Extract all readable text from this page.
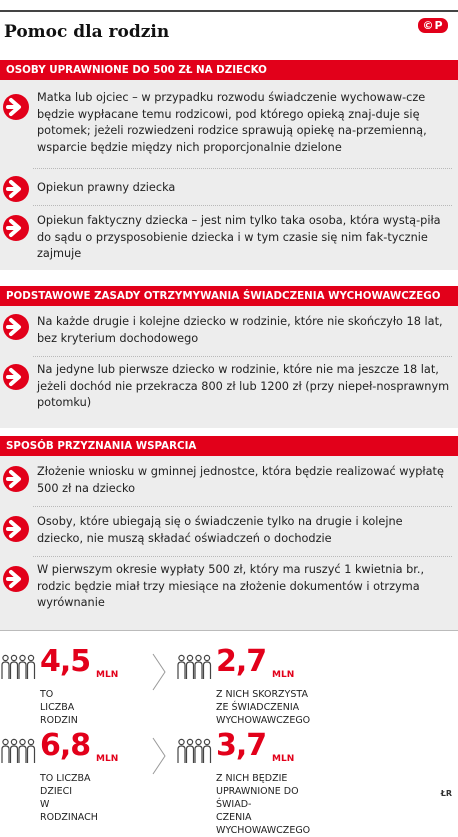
©P
Pomoc dla rodzin
OSOBY UPRAWNIONE DO 500 ZŁ NA DZIECKO
Matka lub ojciec – w przypadku rozwodu świadczenie wychowaw-cze będzie wypłacane temu rodzicowi, pod którego opieką znaj-duje się potomek; jeżeli rozwiedzeni rodzice sprawują opiekę na-przemienną, wsparcie będzie między nich proporcjonalnie dzielone
Opiekun prawny dziecka
Opiekun faktyczny dziecka – jest nim tylko taka osoba, która wystą-piła do sądu o przysposobienie dziecka i w tym czasie się nim fak-tycznie zajmuje
PODSTAWOWE ZASADY OTRZYMYWANIA ŚWIADCZENIA WYCHOWAWCZEGO
Na każde drugie i kolejne dziecko w rodzinie, które nie skończyło 18 lat, bez kryterium dochodowego
Na jedyne lub pierwsze dziecko w rodzinie, które nie ma jeszcze 18 lat, jeżeli dochód nie przekracza 800 zł lub 1200 zł (przy niepeł-nosprawnym potomku)
SPOSÓB PRZYZNANIA WSPARCIA
Złożenie wniosku w gminnej jednostce, która będzie realizować wypłatę 500 zł na dziecko
Osoby, które ubiegają się o świadczenie tylko na drugie i kolejne dziecko, nie muszą składać oświadczeń o dochodzie
W pierwszym okresie wypłaty 500 zł, który ma ruszyć 1 kwietnia br., rodzic będzie miał trzy miesiące na złożenie dokumentów i otrzyma wyrównanie
4,5 MLN
TO LICZBA
RODZIN
2,7 MLN
Z NICH SKORZYSTA ZE ŚWIADCZENIA
WYCHOWAWCZEGO
6,8 MLN
TO LICZBA DZIECI
W RODZINACH
3,7 MLN
Z NICH BĘDZIE UPRAWNIONE DO ŚWIAD-
CZENIA WYCHOWAWCZEGO
ŁR
